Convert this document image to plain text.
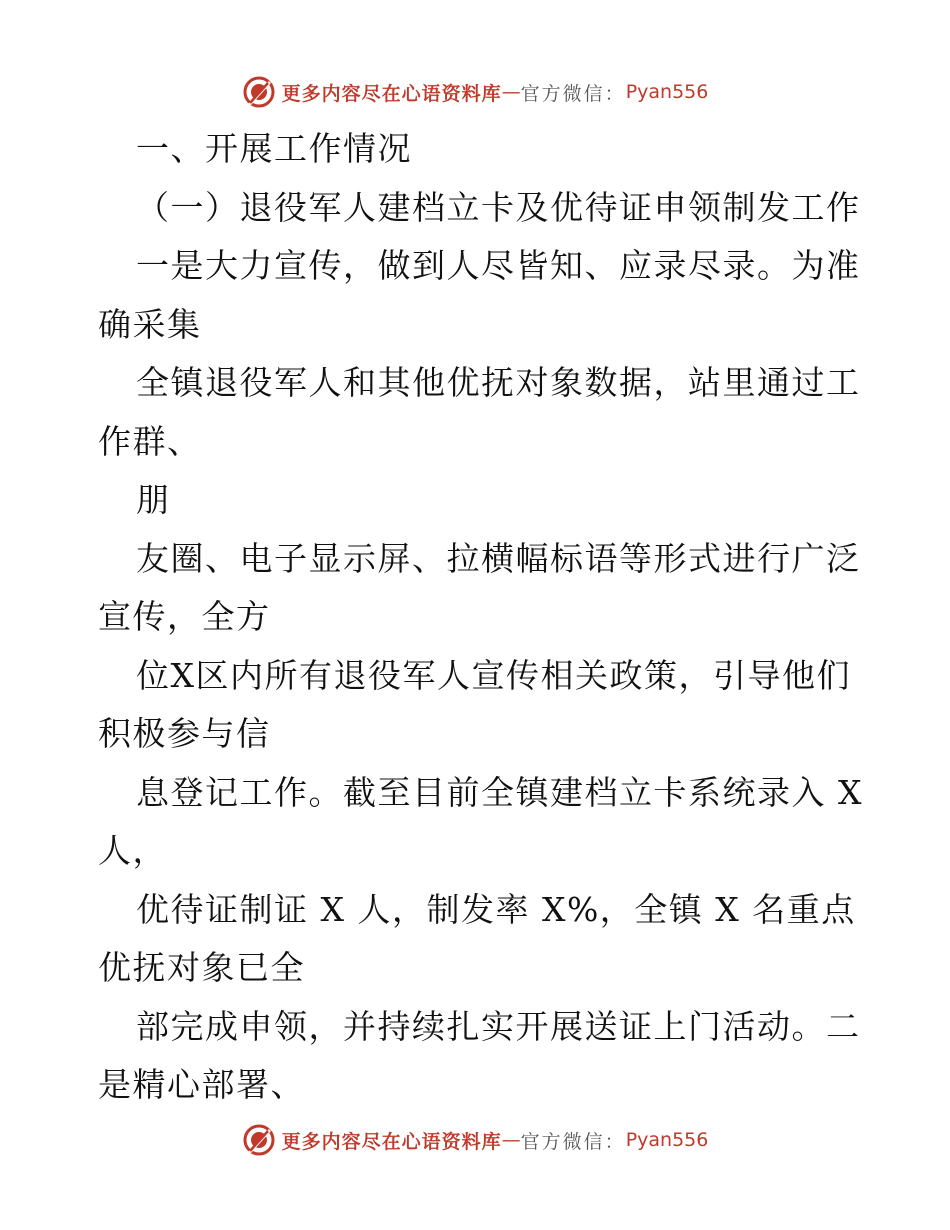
更多内容尽在心语资料库 — 官方微信： Pyan556
一、开展工作情况
（一）退役军人建档立卡及优待证申领制发工作
一是大力宣传，做到人尽皆知、应录尽录。为准
确采集
全镇退役军人和其他优抚对象数据，站里通过工
作群、
朋
友圈、电子显示屏、拉横幅标语等形式进行广泛
宣传，全方
位X区内所有退役军人宣传相关政策，引导他们
积极参与信
息登记工作。截至目前全镇建档立卡系统录入 X
人，
优待证制证 X 人，制发率 X%，全镇 X 名重点
优抚对象已全
部完成申领，并持续扎实开展送证上门活动。二
是精心部署、
更多内容尽在心语资料库 — 官方微信： Pyan556
